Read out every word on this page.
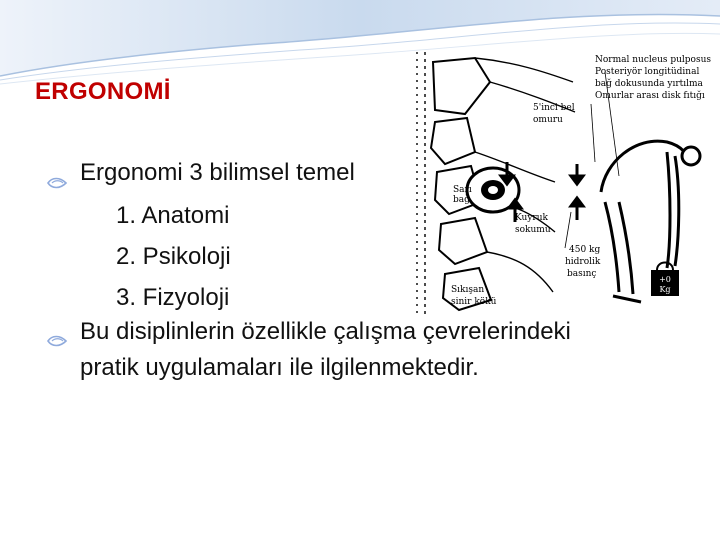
ERGONOMİ
+0
Kg
Normal nucleus pulposus
Posteriyör longitüdinal
bağ dokusunda yırtılma
Omurlar arası disk fıtığı
5'inci bel
omuru
Sarı
bağ
Kuyruk
sokumu
450 kg
hidrolik
basınç
Sıkışan
sinir kökü
Ergonomi 3 bilimsel temel
1. Anatomi
2. Psikoloji
3. Fizyoloji
Bu disiplinlerin özellikle çalışma çevrelerindeki
pratik uygulamaları ile ilgilenmektedir.
